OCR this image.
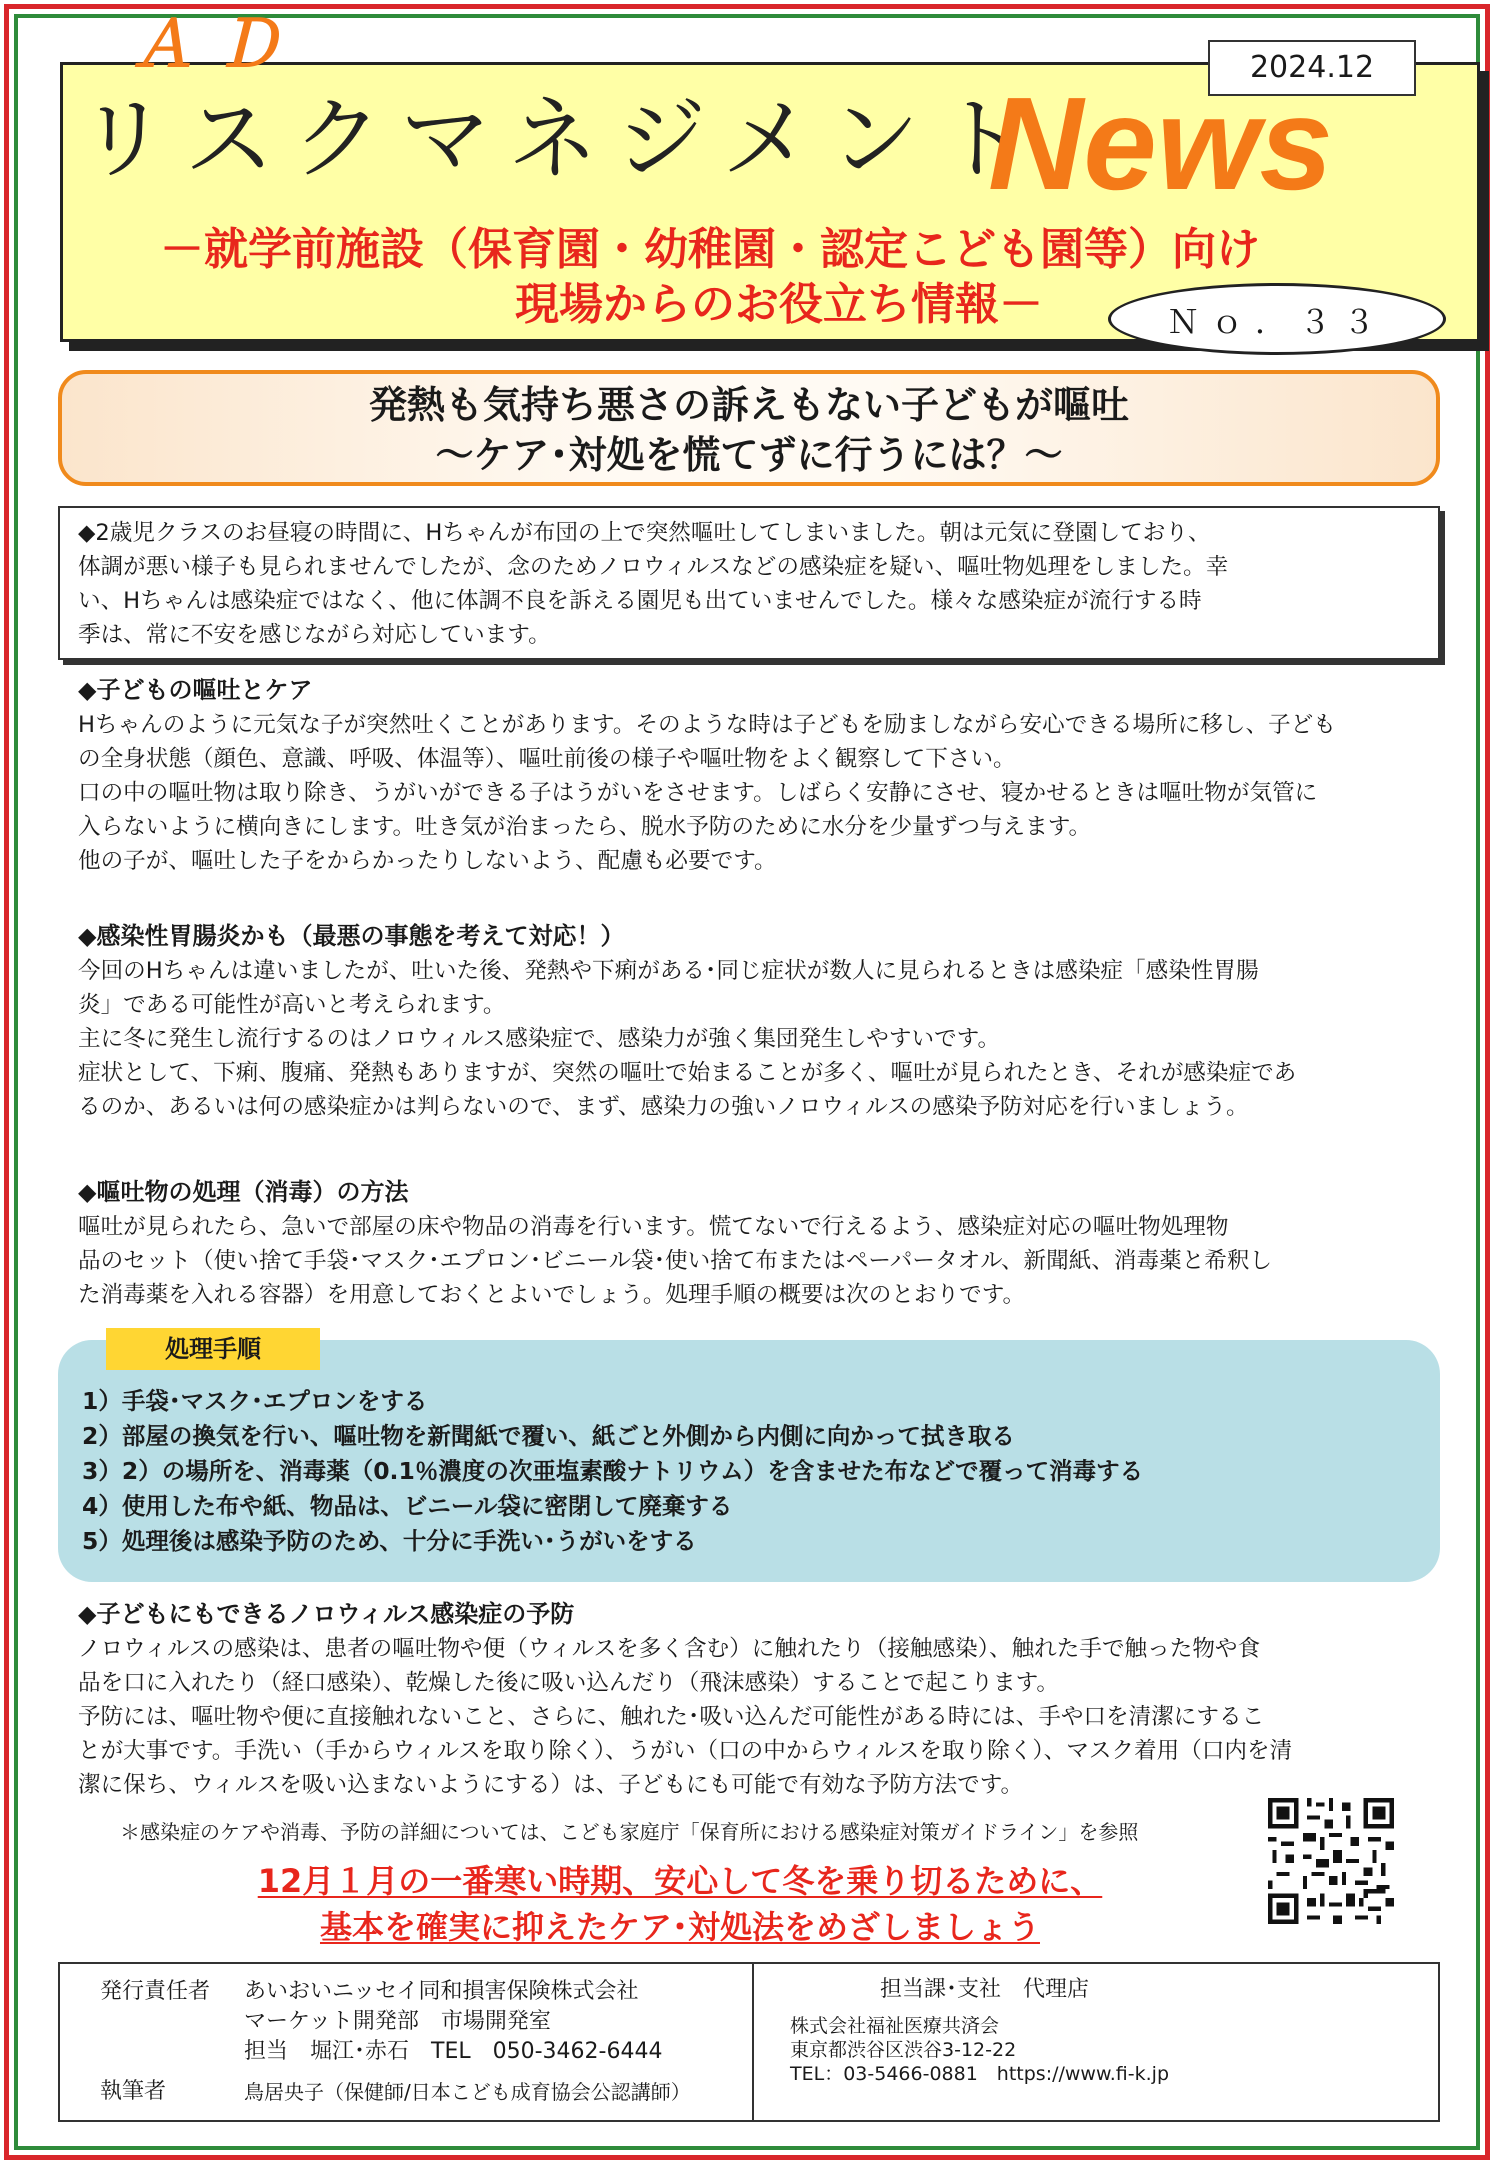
ＡＤ	2024.12
リスクマネジメント
News
－就学前施設（保育園・幼稚園・認定こども園等）向け
現場からのお役立ち情報－	Ｎｏ．３３
発熱も気持ち悪さの訴えもない子どもが嘔吐
～ケア･対処を慌てずに行うには？～
◆2歳児クラスのお昼寝の時間に、Hちゃんが布団の上で突然嘔吐してしまいました。朝は元気に登園しており、
体調が悪い様子も見られませんでしたが、念のためノロウィルスなどの感染症を疑い、嘔吐物処理をしました。幸
い、Hちゃんは感染症ではなく、他に体調不良を訴える園児も出ていませんでした。様々な感染症が流行する時
季は、常に不安を感じながら対応しています。
◆子どもの嘔吐とケア

Hちゃんのように元気な子が突然吐くことがあります。そのような時は子どもを励ましながら安心できる場所に移し、子ども

の全身状態（顔色、意識、呼吸、体温等）、嘔吐前後の様子や嘔吐物をよく観察して下さい。

口の中の嘔吐物は取り除き、うがいができる子はうがいをさせます。しばらく安静にさせ、寝かせるときは嘔吐物が気管に

入らないように横向きにします。吐き気が治まったら、脱水予防のために水分を少量ずつ与えます。

他の子が、嘔吐した子をからかったりしないよう、配慮も必要です。

◆感染性胃腸炎かも（最悪の事態を考えて対応！）

今回のHちゃんは違いましたが、吐いた後、発熱や下痢がある･同じ症状が数人に見られるときは感染症「感染性胃腸

炎」である可能性が高いと考えられます。

主に冬に発生し流行するのはノロウィルス感染症で、感染力が強く集団発生しやすいです。

症状として、下痢、腹痛、発熱もありますが、突然の嘔吐で始まることが多く、嘔吐が見られたとき、それが感染症であ

るのか、あるいは何の感染症かは判らないので、まず、感染力の強いノロウィルスの感染予防対応を行いましょう。

◆嘔吐物の処理（消毒）の方法

嘔吐が見られたら、急いで部屋の床や物品の消毒を行います。慌てないで行えるよう、感染症対応の嘔吐物処理物

品のセット（使い捨て手袋･マスク･エプロン･ビニール袋･使い捨て布またはペーパータオル、新聞紙、消毒薬と希釈し

た消毒薬を入れる容器）を用意しておくとよいでしょう。処理手順の概要は次のとおりです。

処理手順
1）手袋･マスク･エプロンをする
2）部屋の換気を行い、嘔吐物を新聞紙で覆い、紙ごと外側から内側に向かって拭き取る
3）2）の場所を、消毒薬（0.1％濃度の次亜塩素酸ナトリウム）を含ませた布などで覆って消毒する
4）使用した布や紙、物品は、ビニール袋に密閉して廃棄する
5）処理後は感染予防のため、十分に手洗い･うがいをする
◆子どもにもできるノロウィルス感染症の予防

ノロウィルスの感染は、患者の嘔吐物や便（ウィルスを多く含む）に触れたり（接触感染）、触れた手で触った物や食

品を口に入れたり（経口感染）、乾燥した後に吸い込んだり（飛沫感染）することで起こります。

予防には、嘔吐物や便に直接触れないこと、さらに、触れた･吸い込んだ可能性がある時には、手や口を清潔にするこ

とが大事です。手洗い（手からウィルスを取り除く）、うがい（口の中からウィルスを取り除く）、マスク着用（口内を清

潔に保ち、ウィルスを吸い込まないようにする）は、子どもにも可能で有効な予防方法です。

＊感染症のケアや消毒、予防の詳細については、こども家庭庁「保育所における感染症対策ガイドライン」を参照
12月１月の一番寒い時期、安心して冬を乗り切るために、
基本を確実に抑えたケア･対処法をめざしましょう
発行責任者 あいおいニッセイ同和損害保険株式会社
マーケット開発部　市場開発室
担当　堀江･赤石　TEL　050-3462-6444
執筆者	鳥居央子（保健師/日本こども成育協会公認講師）
担当課･支社　代理店
株式会社福祉医療共済会
東京都渋谷区渋谷3-12-22
TEL：03-5466-0881　https://www.fi-k.jp
